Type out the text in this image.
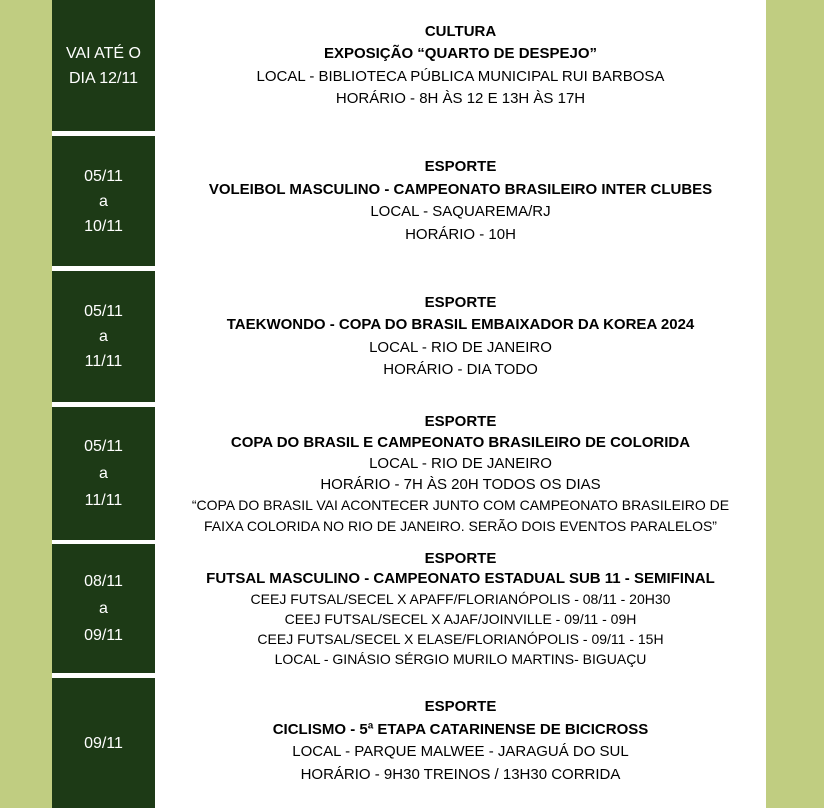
VAI ATÉ O
DIA 12/11
CULTURA
EXPOSIÇÃO “QUARTO DE DESPEJO”
LOCAL - BIBLIOTECA PÚBLICA MUNICIPAL RUI BARBOSA
HORÁRIO - 8H ÀS 12 E 13H ÀS 17H
05/11
a
10/11
ESPORTE
VOLEIBOL MASCULINO - CAMPEONATO BRASILEIRO INTER CLUBES
LOCAL - SAQUAREMA/RJ
HORÁRIO - 10H
05/11
a
11/11
ESPORTE
TAEKWONDO - COPA DO BRASIL EMBAIXADOR DA KOREA 2024
LOCAL - RIO DE JANEIRO
HORÁRIO - DIA TODO
05/11
a
11/11
ESPORTE
COPA DO BRASIL E CAMPEONATO BRASILEIRO DE COLORIDA
LOCAL - RIO DE JANEIRO
HORÁRIO - 7H ÀS 20H TODOS OS DIAS
“COPA DO BRASIL VAI ACONTECER JUNTO COM CAMPEONATO BRASILEIRO DE
FAIXA COLORIDA NO RIO DE JANEIRO. SERÃO DOIS EVENTOS PARALELOS”
08/11
a
09/11
ESPORTE
FUTSAL MASCULINO - CAMPEONATO ESTADUAL SUB 11 - SEMIFINAL
CEEJ FUTSAL/SECEL X APAFF/FLORIANÓPOLIS - 08/11 - 20H30
CEEJ FUTSAL/SECEL X AJAF/JOINVILLE - 09/11 - 09H
CEEJ FUTSAL/SECEL X ELASE/FLORIANÓPOLIS - 09/11 - 15H
LOCAL - GINÁSIO SÉRGIO MURILO MARTINS- BIGUAÇU
09/11
ESPORTE
CICLISMO - 5ª ETAPA CATARINENSE DE BICICROSS
LOCAL - PARQUE MALWEE - JARAGUÁ DO SUL
HORÁRIO - 9H30 TREINOS / 13H30 CORRIDA
